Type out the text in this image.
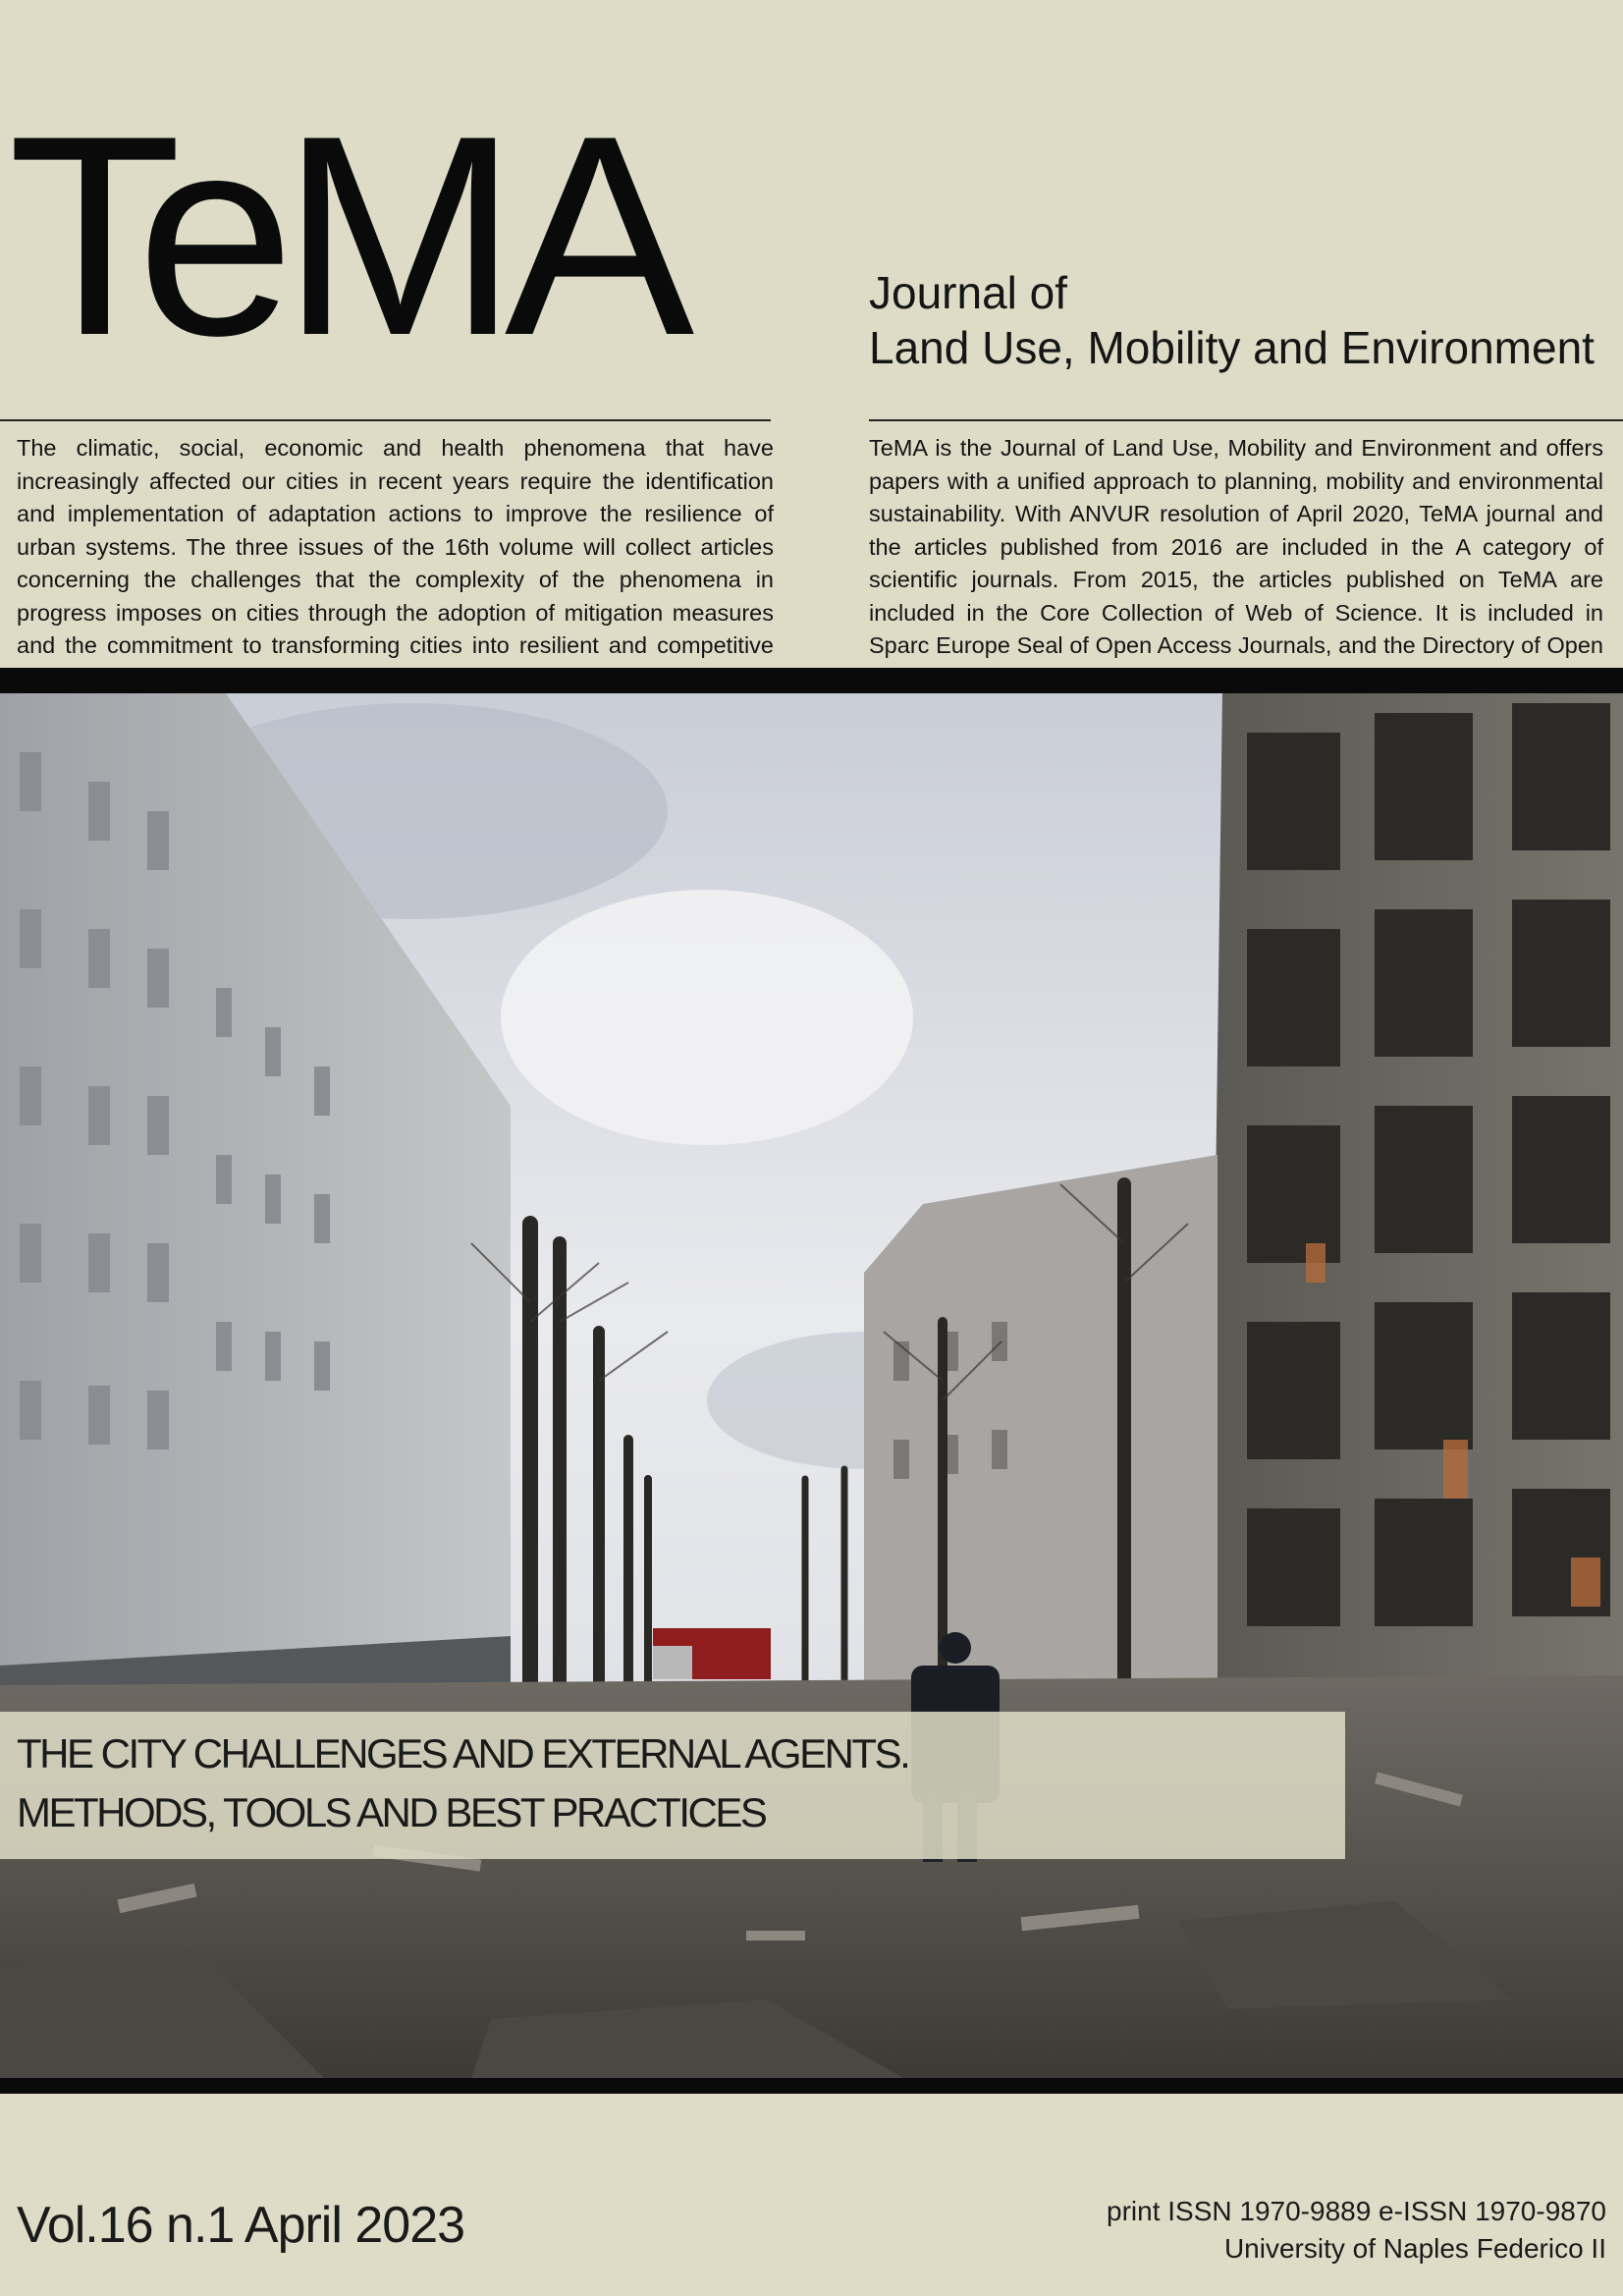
TeMA	Journal of
Land Use, Mobility and Environment

The climatic, social, economic and health phenomena that have increasingly affected our cities in recent years require the identification and implementation of adaptation actions to improve the resilience of urban systems. The three issues of the 16th volume will collect articles concerning the challenges that the complexity of the phenomena in progress imposes on cities through the adoption of mitigation measures and the commitment to transforming cities into resilient and competitive

TeMA is the Journal of Land Use, Mobility and Environment and offers papers with a unified approach to planning, mobility and environmental sustainability. With ANVUR resolution of April 2020, TeMA journal and the articles published from 2016 are included in the A category of scientific journals. From 2015, the articles published on TeMA are included in the Core Collection of Web of Science. It is included in Sparc Europe Seal of Open Access Journals, and the Directory of Open

THE CITY CHALLENGES AND EXTERNAL AGENTS.
METHODS, TOOLS AND BEST PRACTICES
Vol.16 n.1 April 2023	print ISSN 1970-9889 e-ISSN 1970-9870
University of Naples Federico II
